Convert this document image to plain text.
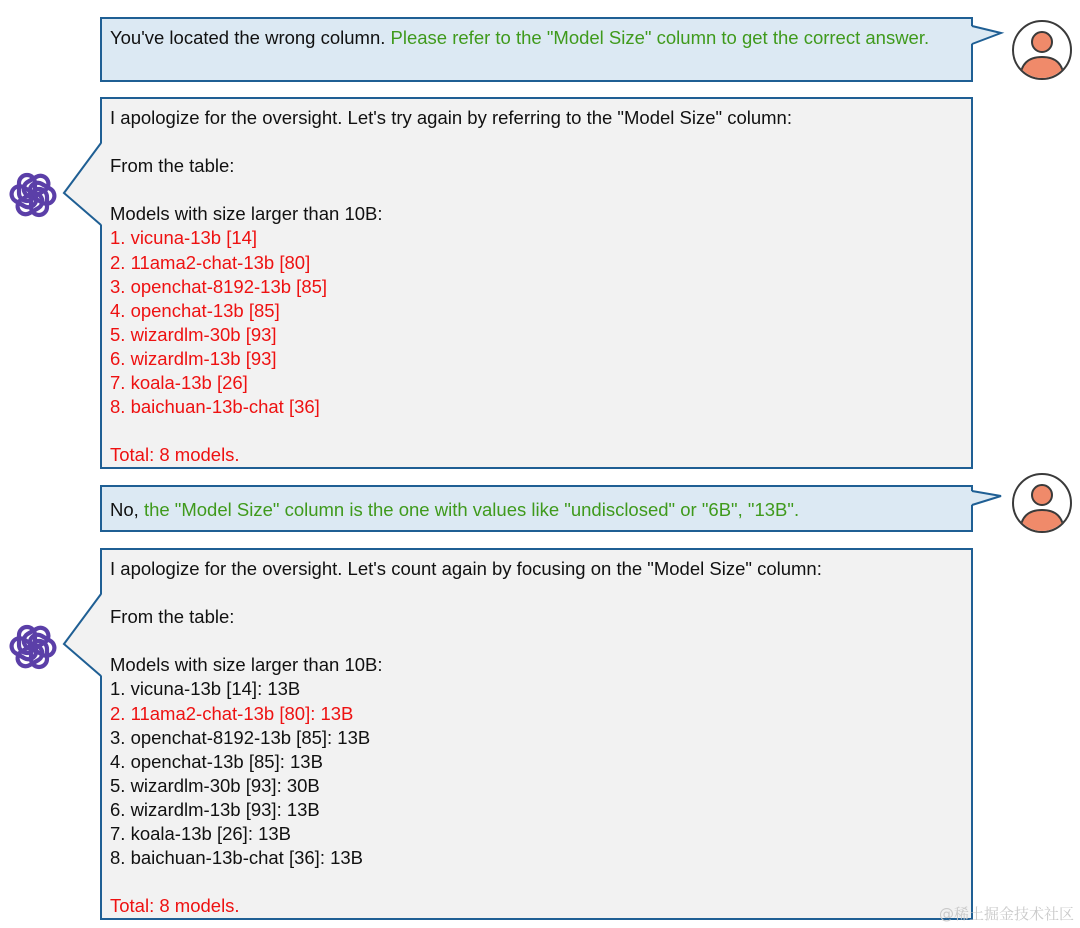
You've located the wrong column. Please refer to the "Model Size" column to get the correct answer.
I apologize for the oversight. Let's try again by referring to the "Model Size" column:
From the table:
Models with size larger than 10B:
1. vicuna-13b [14]
2. 11ama2-chat-13b [80]
3. openchat-8192-13b [85]
4. openchat-13b [85]
5. wizardlm-30b [93]
6. wizardlm-13b [93]
7. koala-13b [26]
8. baichuan-13b-chat [36]
Total: 8 models.
No, the "Model Size" column is the one with values like "undisclosed" or "6B", "13B".
I apologize for the oversight. Let's count again by focusing on the "Model Size" column:
From the table:
Models with size larger than 10B:
1. vicuna-13b [14]: 13B
2. 11ama2-chat-13b [80]: 13B
3. openchat-8192-13b [85]: 13B
4. openchat-13b [85]: 13B
5. wizardlm-30b [93]: 30B
6. wizardlm-13b [93]: 13B
7. koala-13b [26]: 13B
8. baichuan-13b-chat [36]: 13B
Total: 8 models.	@稀土掘金技术社区
